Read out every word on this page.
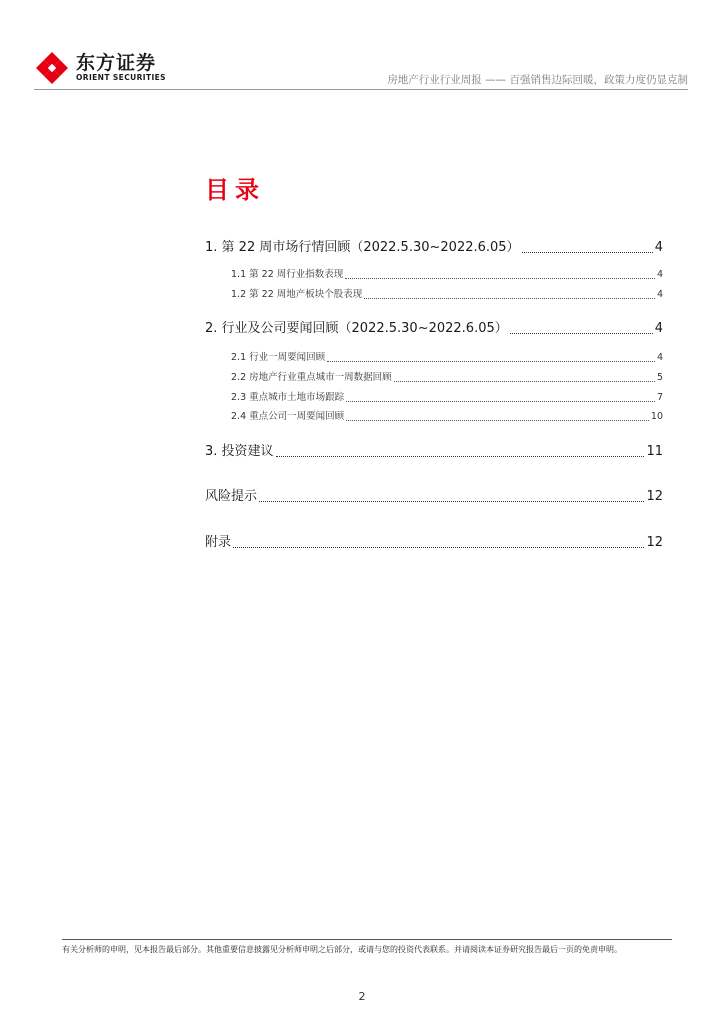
东方证券
ORIENT SECURITIES	房地产行业行业周报 —— 百强销售边际回暖，政策力度仍显克制
目录
1. 第 22 周市场行情回顾（2022.5.30~2022.6.05）	4
1.1 第 22 周行业指数表现	4
1.2 第 22 周地产板块个股表现	4
2. 行业及公司要闻回顾（2022.5.30~2022.6.05）	4
2.1 行业一周要闻回顾	4
2.2 房地产行业重点城市一周数据回顾	5
2.3 重点城市土地市场跟踪	7
2.4 重点公司一周要闻回顾	10
3. 投资建议	11
风险提示	12
附录	12
有关分析师的申明，见本报告最后部分。其他重要信息披露见分析师申明之后部分，或请与您的投资代表联系。并请阅读本证券研究报告最后一页的免责申明。
2
